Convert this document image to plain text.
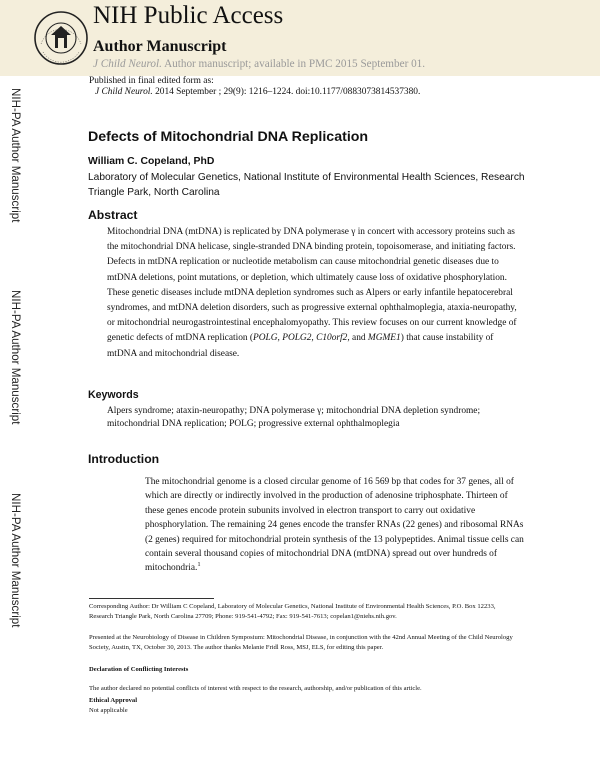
NIH Public Access
Author Manuscript
J Child Neurol. Author manuscript; available in PMC 2015 September 01.
Published in final edited form as:
J Child Neurol. 2014 September ; 29(9): 1216–1224. doi:10.1177/0883073814537380.
NIH-PA Author Manuscript
NIH-PA Author Manuscript
NIH-PA Author Manuscript
Defects of Mitochondrial DNA Replication
William C. Copeland, PhD
Laboratory of Molecular Genetics, National Institute of Environmental Health Sciences, Research Triangle Park, North Carolina
Abstract

Mitochondrial DNA (mtDNA) is replicated by DNA polymerase γ in concert with accessory proteins such as the mitochondrial DNA helicase, single-stranded DNA binding protein, topoisomerase, and initiating factors. Defects in mtDNA replication or nucleotide metabolism can cause mitochondrial genetic diseases due to mtDNA deletions, point mutations, or depletion, which ultimately cause loss of oxidative phosphorylation. These genetic diseases include mtDNA depletion syndromes such as Alpers or early infantile hepatocerebral syndromes, and mtDNA deletion disorders, such as progressive external ophthalmoplegia, ataxia-neuropathy, or mitochondrial neurogastrointestinal encephalomyopathy. This review focuses on our current knowledge of genetic defects of mtDNA replication (POLG, POLG2, C10orf2, and MGME1) that cause instability of mtDNA and mitochondrial disease.

Keywords

Alpers syndrome; ataxin-neuropathy; DNA polymerase γ; mitochondrial DNA depletion syndrome; mitochondrial DNA replication; POLG; progressive external ophthalmoplegia

Introduction

The mitochondrial genome is a closed circular genome of 16 569 bp that codes for 37 genes, all of which are directly or indirectly involved in the production of adenosine triphosphate. Thirteen of these genes encode protein subunits involved in electron transport to carry out oxidative phosphorylation. The remaining 24 genes encode the transfer RNAs (22 genes) and ribosomal RNAs (2 genes) required for mitochondrial protein synthesis of the 13 polypeptides. Animal tissue cells can contain several thousand copies of mitochondrial DNA (mtDNA) spread out over hundreds of mitochondria.$^1$

Corresponding Author: Dr William C Copeland, Laboratory of Molecular Genetics, National Institute of Environmental Health Sciences, P.O. Box 12233, Research Triangle Park, North Carolina 27709; Phone: 919-541-4792; Fax: 919-541-7613; copelan1@niehs.nih.gov.

Presented at the Neurobiology of Disease in Children Symposium: Mitochondrial Disease, in conjunction with the 42nd Annual Meeting of the Child Neurology Society, Austin, TX, October 30, 2013. The author thanks Melanie Fridl Ross, MSJ, ELS, for editing this paper.

Declaration of Conflicting Interests

The author declared no potential conflicts of interest with respect to the research, authorship, and/or publication of this article.

Ethical Approval

Not applicable
